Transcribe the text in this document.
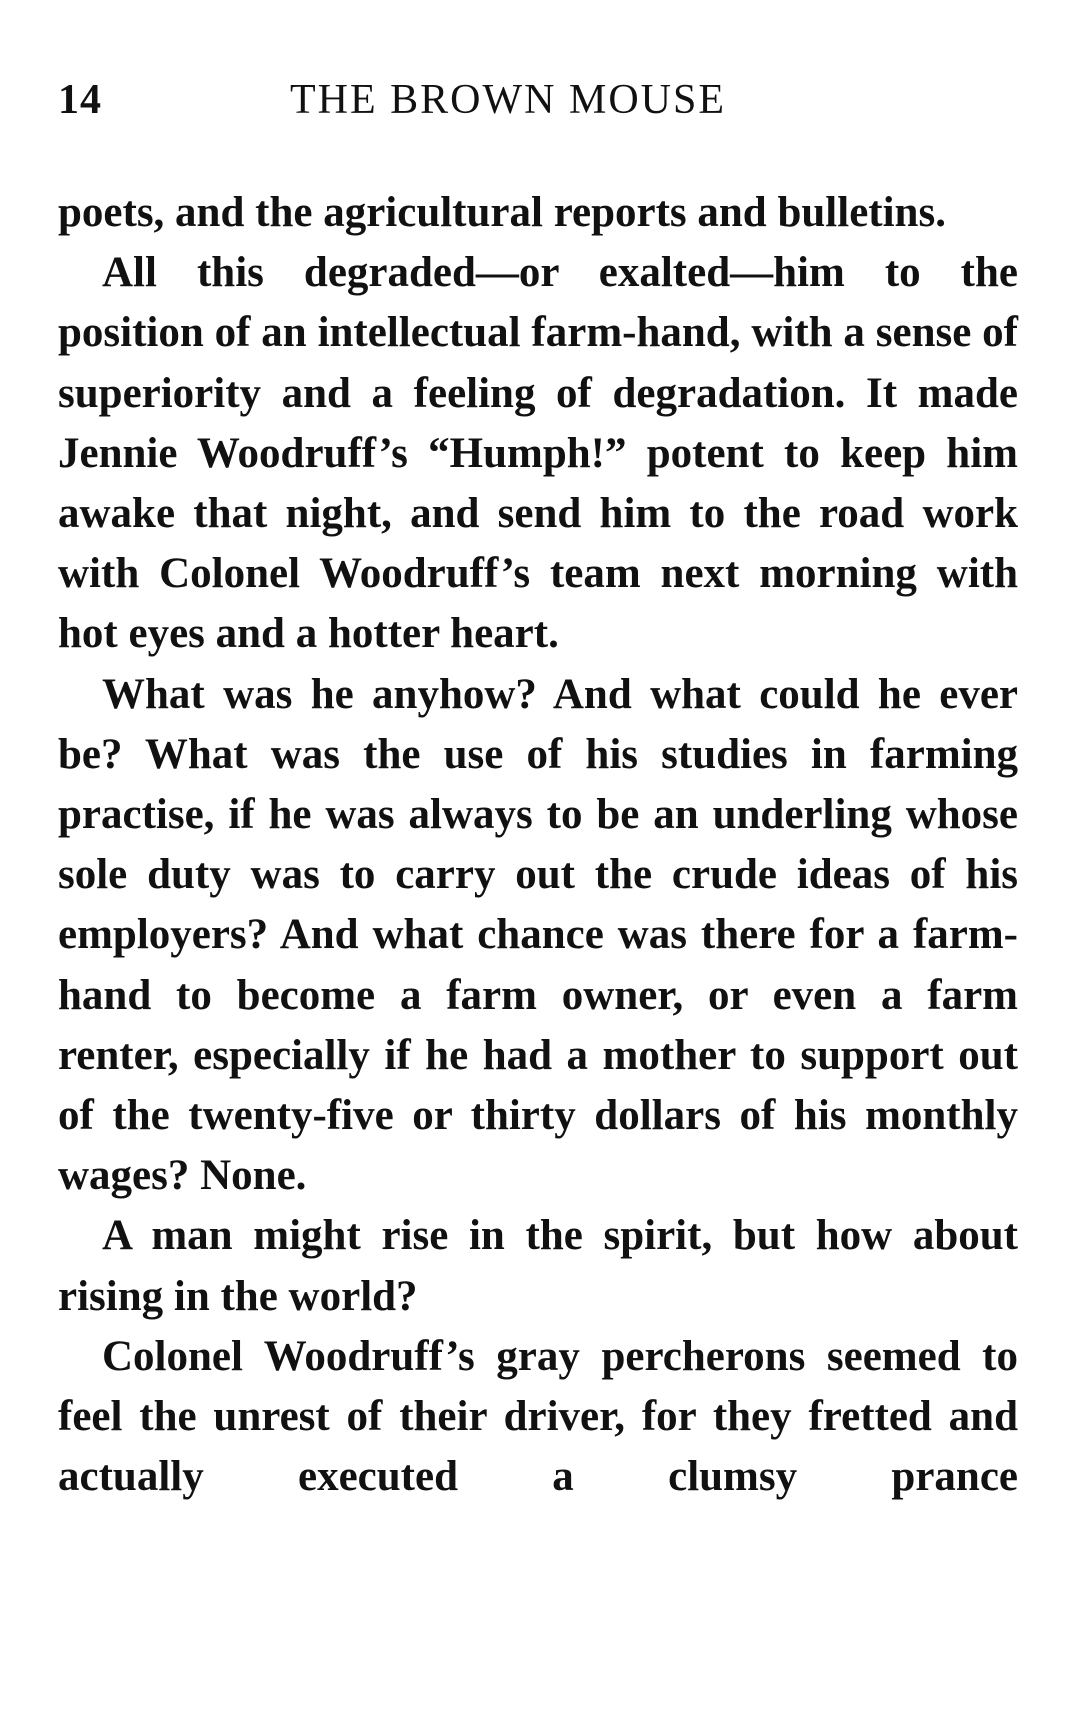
14	THE BROWN MOUSE

poets, and the agricultural reports and bulletins.

All this degraded—or exalted—him to the position of an intellectual farm-hand, with a sense of superiority and a feeling of degradation. It made Jennie Woodruff’s “Humph!” potent to keep him awake that night, and send him to the road work with Colonel Woodruff’s team next morning with hot eyes and a hotter heart.

What was he anyhow? And what could he ever be? What was the use of his studies in farming practise, if he was always to be an underling whose sole duty was to carry out the crude ideas of his employers? And what chance was there for a farm-hand to become a farm owner, or even a farm renter, especially if he had a mother to support out of the twenty-five or thirty dollars of his monthly wages? None.

A man might rise in the spirit, but how about rising in the world?

Colonel Woodruff’s gray percherons seemed to feel the unrest of their driver, for they fretted and actually executed a clumsy prance
